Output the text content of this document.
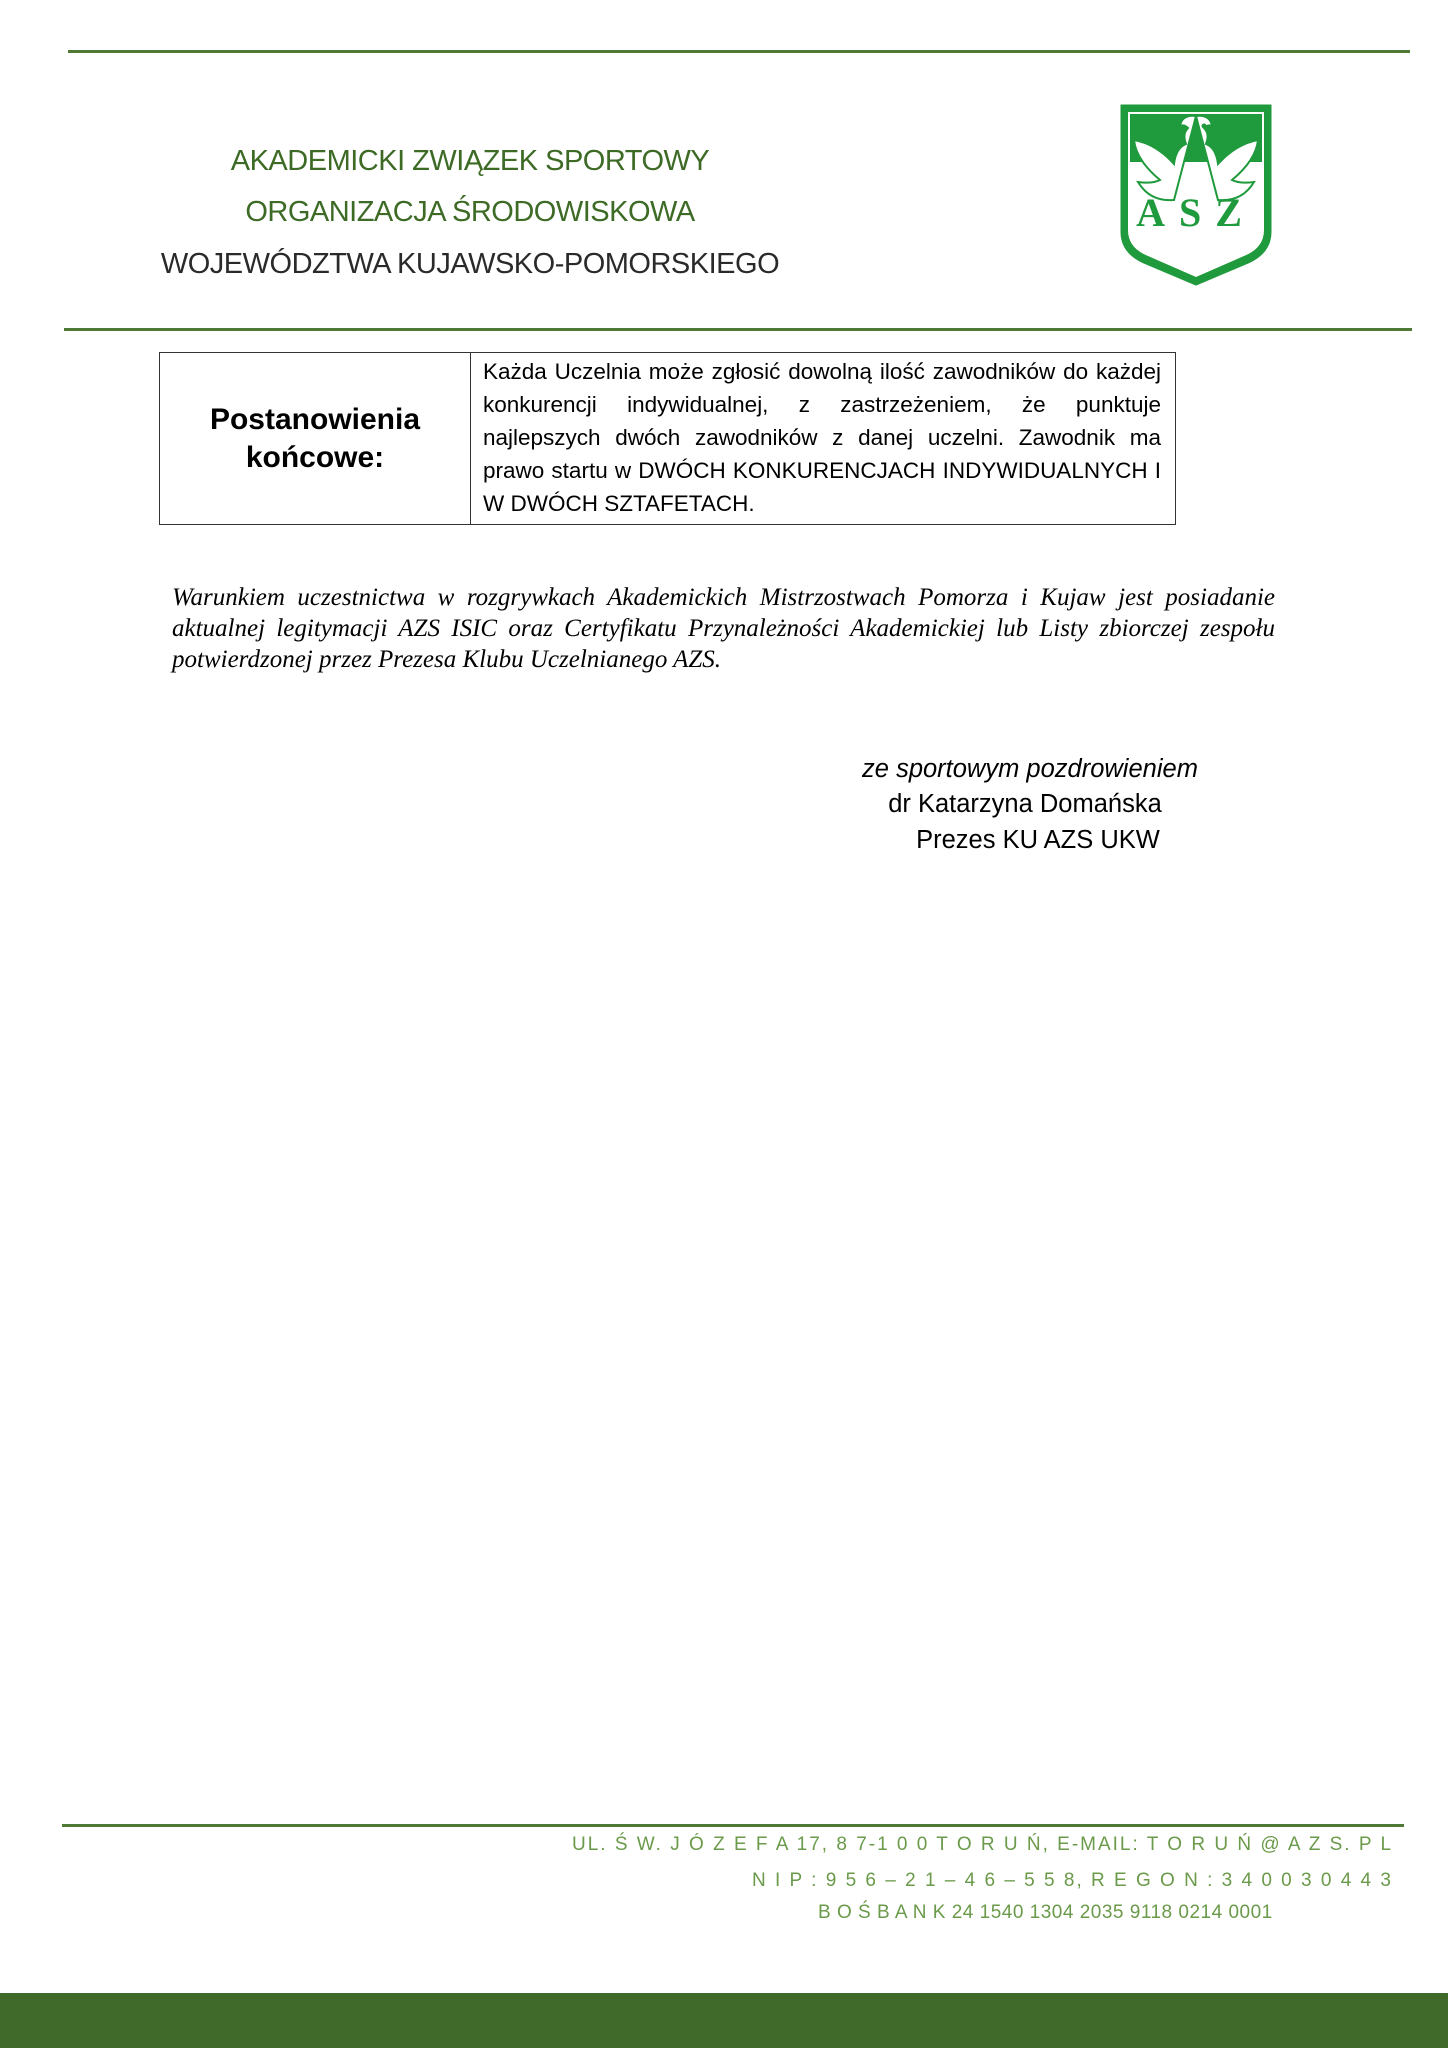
AKADEMICKI ZWIĄZEK SPORTOWY
ORGANIZACJA ŚRODOWISKOWA
WOJEWÓDZTWA KUJAWSKO-POMORSKIEGO
ASZ
Postanowienia
końcowe:
	Każda Uczelnia może zgłosić dowolną ilość zawodników do każdej konkurencji indywidualnej, z zastrzeżeniem, że punktuje najlepszych dwóch zawodników z danej uczelni. Zawodnik ma prawo startu w DWÓCH KONKURENCJACH INDYWIDUALNYCH I W DWÓCH SZTAFETACH.
Warunkiem uczestnictwa w rozgrywkach Akademickich Mistrzostwach Pomorza i Kujaw jest posiadanie aktualnej legitymacji AZS ISIC oraz Certyfikatu Przynależności Akademickiej lub Listy zbiorczej zespołu potwierdzonej przez Prezesa Klubu Uczelnianego AZS.
ze sportowym pozdrowieniem
dr Katarzyna Domańska
Prezes KU AZS UKW
UL. Ś W. J Ó Z E F A 17, 8 7-1 0 0 T O R U Ń, E-MAIL: T O R U Ń @ A Z S. P L
N I P : 9 5 6 – 2 1 – 4 6 – 5 5 8, R E G O N : 3 4 0 0 3 0 4 4 3
B O Ś B A N K 24 1540 1304 2035 9118 0214 0001
